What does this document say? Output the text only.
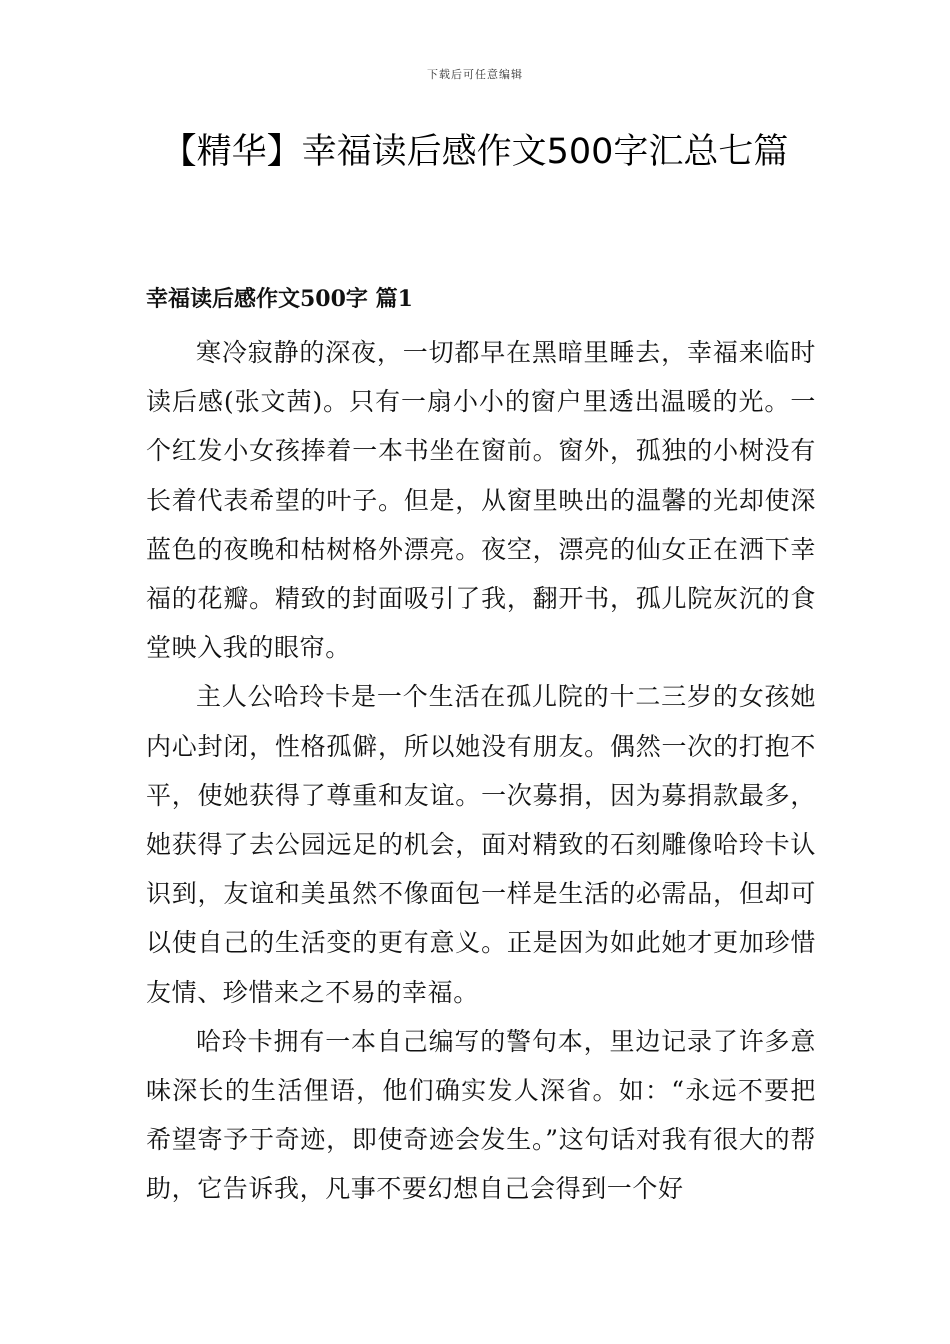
下载后可任意编辑
【精华】幸福读后感作文500字汇总七篇
幸福读后感作文500字 篇1

寒冷寂静的深夜，一切都早在黑暗里睡去，幸福来临时读后感(张文茜)。只有一扇小小的窗户里透出温暖的光。一个红发小女孩捧着一本书坐在窗前。窗外，孤独的小树没有长着代表希望的叶子。但是，从窗里映出的温馨的光却使深蓝色的夜晚和枯树格外漂亮。夜空，漂亮的仙女正在洒下幸福的花瓣。精致的封面吸引了我，翻开书，孤儿院灰沉的食堂映入我的眼帘。

主人公哈玲卡是一个生活在孤儿院的十二三岁的女孩她内心封闭，性格孤僻，所以她没有朋友。偶然一次的打抱不平，使她获得了尊重和友谊。一次募捐，因为募捐款最多，她获得了去公园远足的机会，面对精致的石刻雕像哈玲卡认识到，友谊和美虽然不像面包一样是生活的必需品，但却可以使自己的生活变的更有意义。正是因为如此她才更加珍惜友情、珍惜来之不易的幸福。

哈玲卡拥有一本自己编写的警句本，里边记录了许多意味深长的生活俚语，他们确实发人深省。如：“永远不要把希望寄予于奇迹，即使奇迹会发生。”这句话对我有很大的帮助，它告诉我，凡事不要幻想自己会得到一个好
